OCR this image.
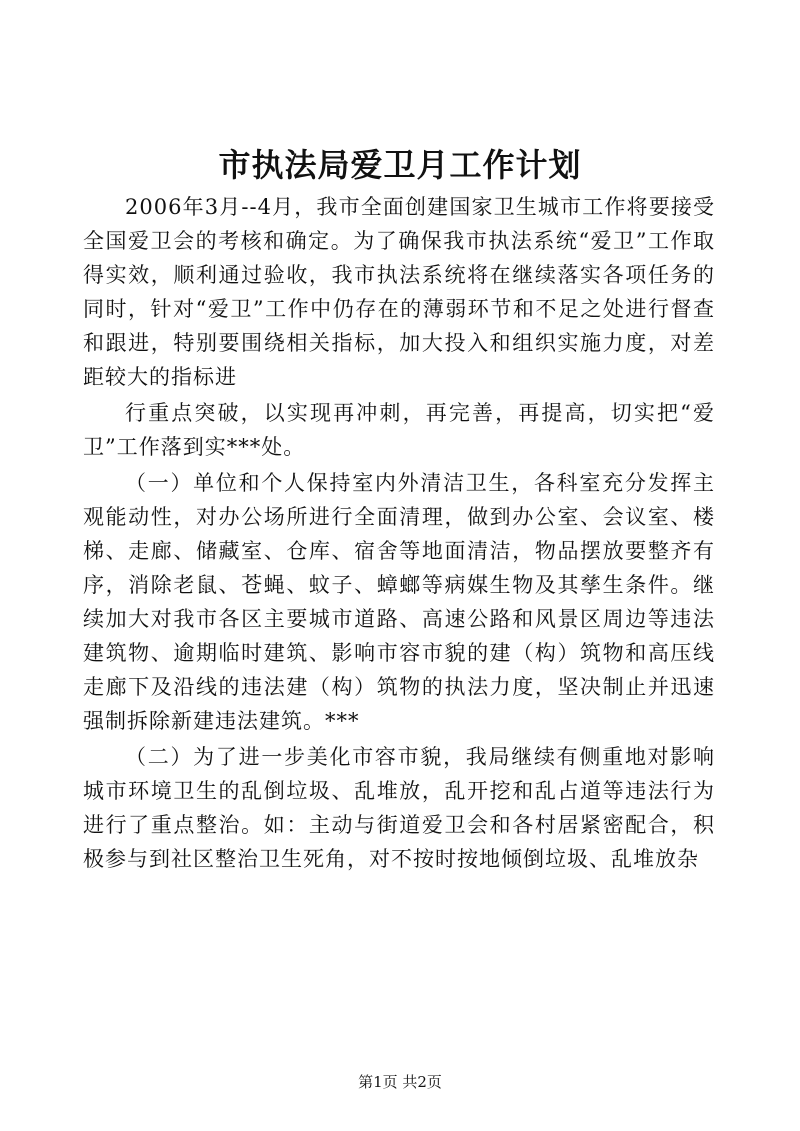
市执法局爱卫月工作计划

2006年3月--4月，我市全面创建国家卫生城市工作将要接受全国爱卫会的考核和确定。为了确保我市执法系统“爱卫”工作取得实效，顺利通过验收，我市执法系统将在继续落实各项任务的同时，针对“爱卫”工作中仍存在的薄弱环节和不足之处进行督查和跟进，特别要围绕相关指标，加大投入和组织实施力度，对差距较大的指标进

行重点突破，以实现再冲刺，再完善，再提高，切实把“爱卫”工作落到实***处。

（一）单位和个人保持室内外清洁卫生，各科室充分发挥主观能动性，对办公场所进行全面清理，做到办公室、会议室、楼梯、走廊、储藏室、仓库、宿舍等地面清洁，物品摆放要整齐有序，消除老鼠、苍蝇、蚊子、蟑螂等病媒生物及其孳生条件。继续加大对我市各区主要城市道路、高速公路和风景区周边等违法建筑物、逾期临时建筑、影响市容市貌的建（构）筑物和高压线走廊下及沿线的违法建（构）筑物的执法力度，坚决制止并迅速强制拆除新建违法建筑。***

（二）为了进一步美化市容市貌，我局继续有侧重地对影响城市环境卫生的乱倒垃圾、乱堆放，乱开挖和乱占道等违法行为进行了重点整治。如：主动与街道爱卫会和各村居紧密配合，积极参与到社区整治卫生死角，对不按时按地倾倒垃圾、乱堆放杂

第1页 共2页
